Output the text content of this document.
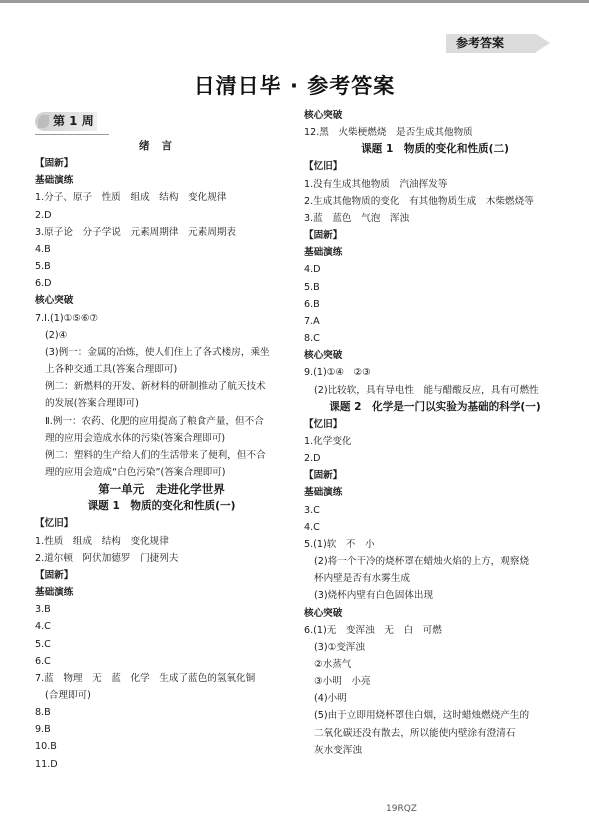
参考答案
日清日毕 · 参考答案
第 1 周
绪言
【固新】
基础演练
1.分子、原子　性质　组成　结构　变化规律
2.D
3.原子论　分子学说　元素周期律　元素周期表
4.B
5.B
6.D
核心突破
7.Ⅰ.(1)①⑤⑥⑦
(2)④
(3)例一：金属的冶炼，使人们住上了各式楼房，乘坐
上各种交通工具(答案合理即可)
例二：新燃料的开发、新材料的研制推动了航天技术
的发展(答案合理即可)
Ⅱ.例一：农药、化肥的应用提高了粮食产量，但不合
理的应用会造成水体的污染(答案合理即可)
例二：塑料的生产给人们的生活带来了便利，但不合
理的应用会造成“白色污染”(答案合理即可)
第一单元　走进化学世界
课题 1　物质的变化和性质(一)
【忆旧】
1.性质　组成　结构　变化规律
2.道尔顿　阿伏加德罗　门捷列夫
【固新】
基础演练
3.B
4.C
5.C
6.C
7.蓝　物理　无　蓝　化学　生成了蓝色的氢氧化铜
(合理即可)
8.B
9.B
10.B
11.D
核心突破
12.黑　火柴梗燃烧　是否生成其他物质
课题 1　物质的变化和性质(二)
【忆旧】
1.没有生成其他物质　汽油挥发等
2.生成其他物质的变化　有其他物质生成　木柴燃烧等
3.蓝　蓝色　气泡　浑浊
【固新】
基础演练
4.D
5.B
6.B
7.A
8.C
核心突破
9.(1)①④　②③
(2)比较软，具有导电性　能与醋酸反应，具有可燃性
课题 2　化学是一门以实验为基础的科学(一)
【忆旧】
1.化学变化
2.D
【固新】
基础演练
3.C
4.C
5.(1)软　不　小
(2)将一个干冷的烧杯罩在蜡烛火焰的上方，观察烧
杯内壁是否有水雾生成
(3)烧杯内壁有白色固体出现
核心突破
6.(1)无　变浑浊　无　白　可燃
(3)①变浑浊
②水蒸气
③小明　小亮
(4)小明
(5)由于立即用烧杯罩住白烟，这时蜡烛燃烧产生的
二氧化碳还没有散去，所以能使内壁涂有澄清石
灰水变浑浊
19RQZ
